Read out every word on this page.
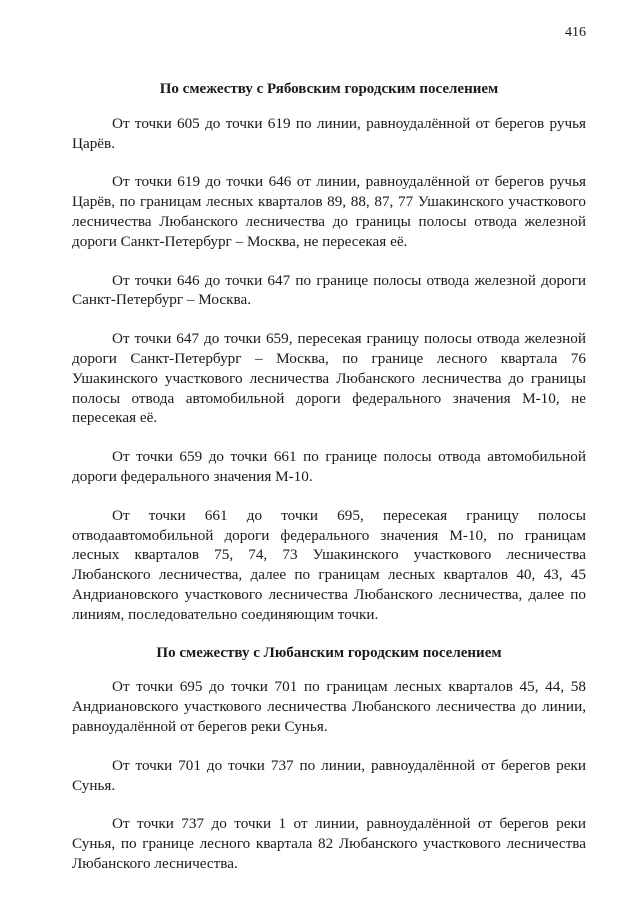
416
По смежеству с Рябовским городским поселением

От точки 605 до точки 619 по линии, равноудалённой от берегов ручья Царёв.

От точки 619 до точки 646 от линии, равноудалённой от берегов ручья Царёв, по границам лесных кварталов 89, 88, 87, 77 Ушакинского участкового лесничества Любанского лесничества до границы полосы отвода железной дороги Санкт-Петербург – Москва, не пересекая её.

От точки 646 до точки 647 по границе полосы отвода железной дороги Санкт-Петербург – Москва.

От точки 647 до точки 659, пересекая границу полосы отвода железной дороги Санкт-Петербург – Москва, по границе лесного квартала 76 Ушакинского участкового лесничества Любанского лесничества до границы полосы отвода автомобильной дороги федерального значения М-10, не пересекая её.

От точки 659 до точки 661 по границе полосы отвода автомобильной дороги федерального значения М-10.

От точки 661 до точки 695, пересекая границу полосы отводаавтомобильной дороги федерального значения М-10, по границам лесных кварталов 75, 74, 73 Ушакинского участкового лесничества Любанского лесничества, далее по границам лесных кварталов 40, 43, 45 Андриановского участкового лесничества Любанского лесничества, далее по линиям, последовательно соединяющим точки.

По смежеству с Любанским городским поселением

От точки 695 до точки 701 по границам лесных кварталов 45, 44, 58 Андриановского участкового лесничества Любанского лесничества до линии, равноудалённой от берегов реки Сунья.

От точки 701 до точки 737 по линии, равноудалённой от берегов реки Сунья.

От точки 737 до точки 1 от линии, равноудалённой от берегов реки Сунья, по границе лесного квартала 82 Любанского участкового лесничества Любанского лесничества.
